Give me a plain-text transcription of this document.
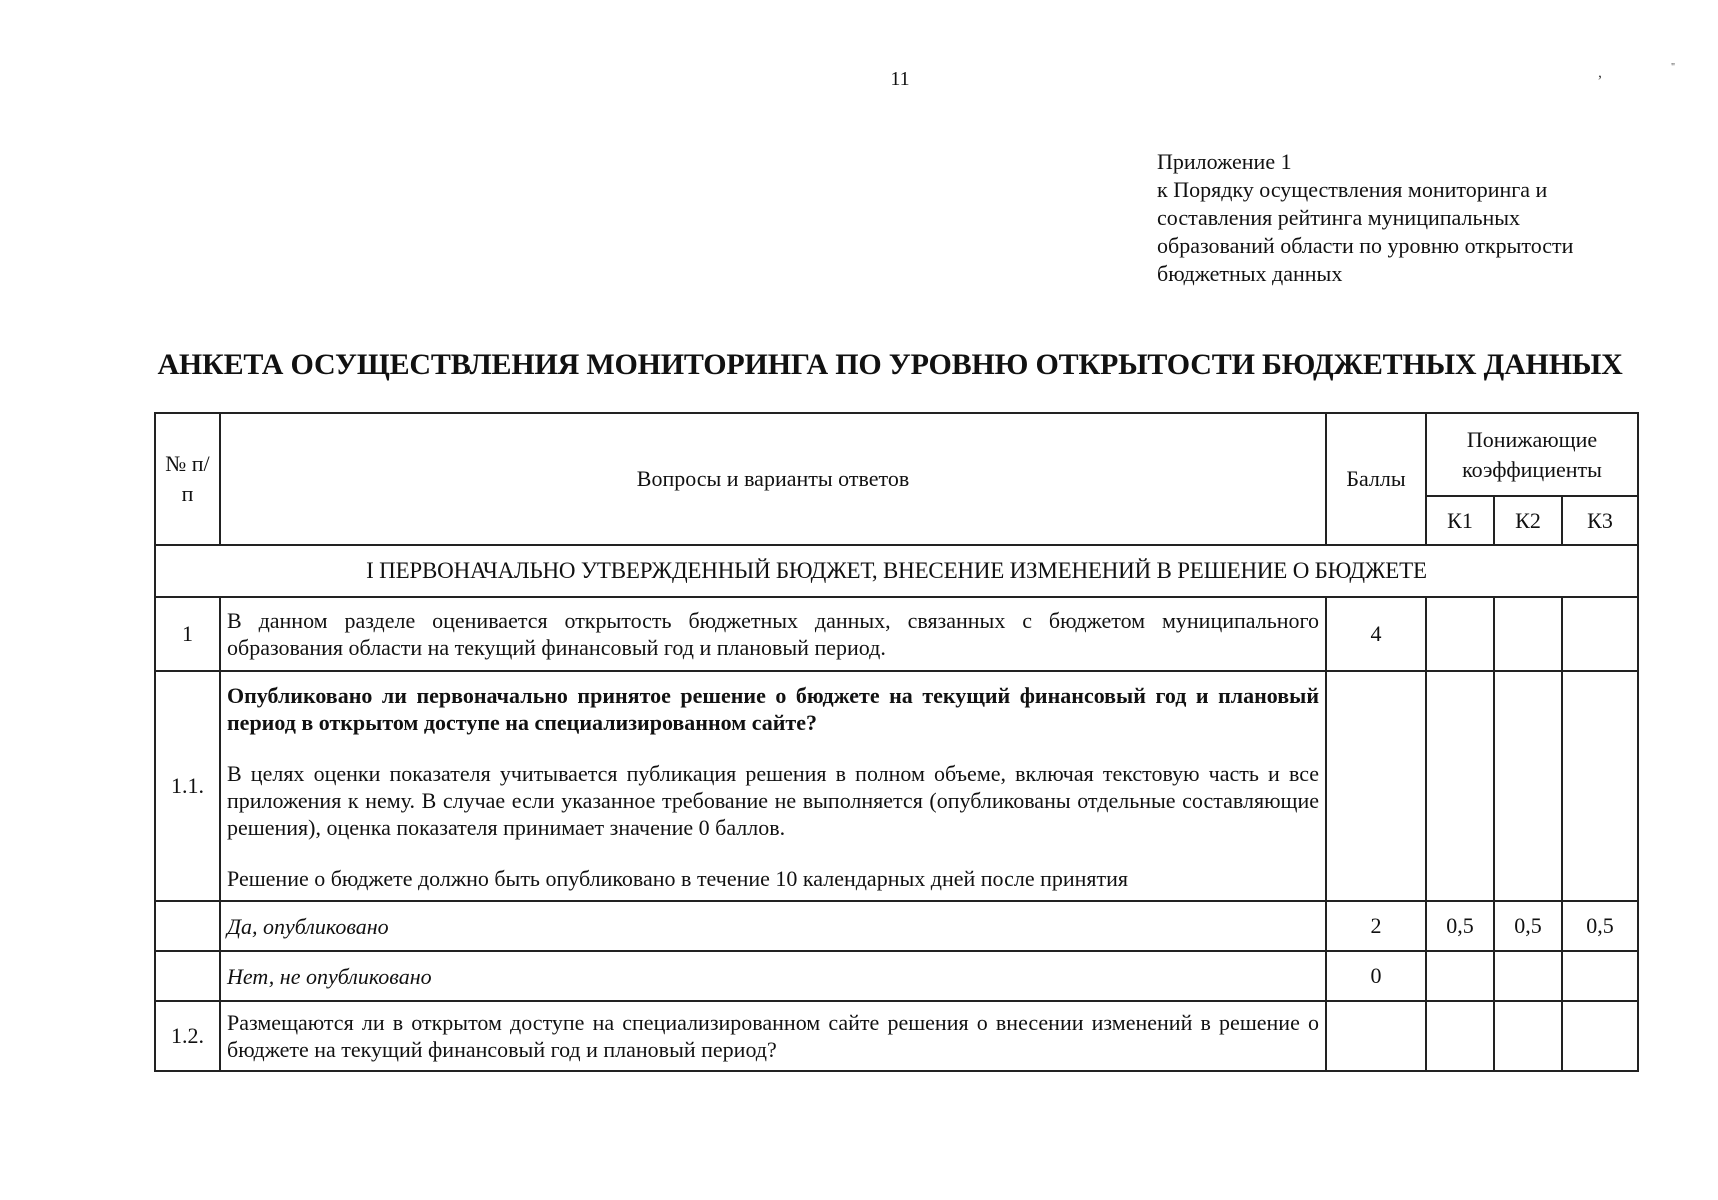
11	,	"
Приложение 1
к Порядку осуществления мониторинга и
составления рейтинга муниципальных
образований области по уровню открытости
бюджетных данных
АНКЕТА ОСУЩЕСТВЛЕНИЯ МОНИТОРИНГА ПО УРОВНЮ ОТКРЫТОСТИ БЮДЖЕТНЫХ ДАННЫХ
№ п/п	Вопросы и варианты ответов	Баллы	Понижающие коэффициенты		
			К1	К2	К3
I ПЕРВОНАЧАЛЬНО УТВЕРЖДЕННЫЙ БЮДЖЕТ, ВНЕСЕНИЕ ИЗМЕНЕНИЙ В РЕШЕНИЕ О БЮДЖЕТЕ					
1	В данном разделе оценивается открытость бюджетных данных, связанных с бюджетом муниципального образования области на текущий финансовый год и плановый период.	4			
1.1.	Опубликовано ли первоначально принятое решение о бюджете на текущий финансовый год и плановый период в открытом доступе на специализированном сайте?

В целях оценки показателя учитывается публикация решения в полном объеме, включая текстовую часть и все приложения к нему. В случае если указанное требование не выполняется (опубликованы отдельные составляющие решения), оценка показателя принимает значение 0 баллов.

Решение о бюджете должно быть опубликовано в течение 10 календарных дней после принятия				

	Да, опубликовано	2	0,5	0,5	0,5
	Нет, не опубликовано	0			
1.2.	Размещаются ли в открытом доступе на специализированном сайте решения о внесении изменений в решение о бюджете на текущий финансовый год и плановый период?				
